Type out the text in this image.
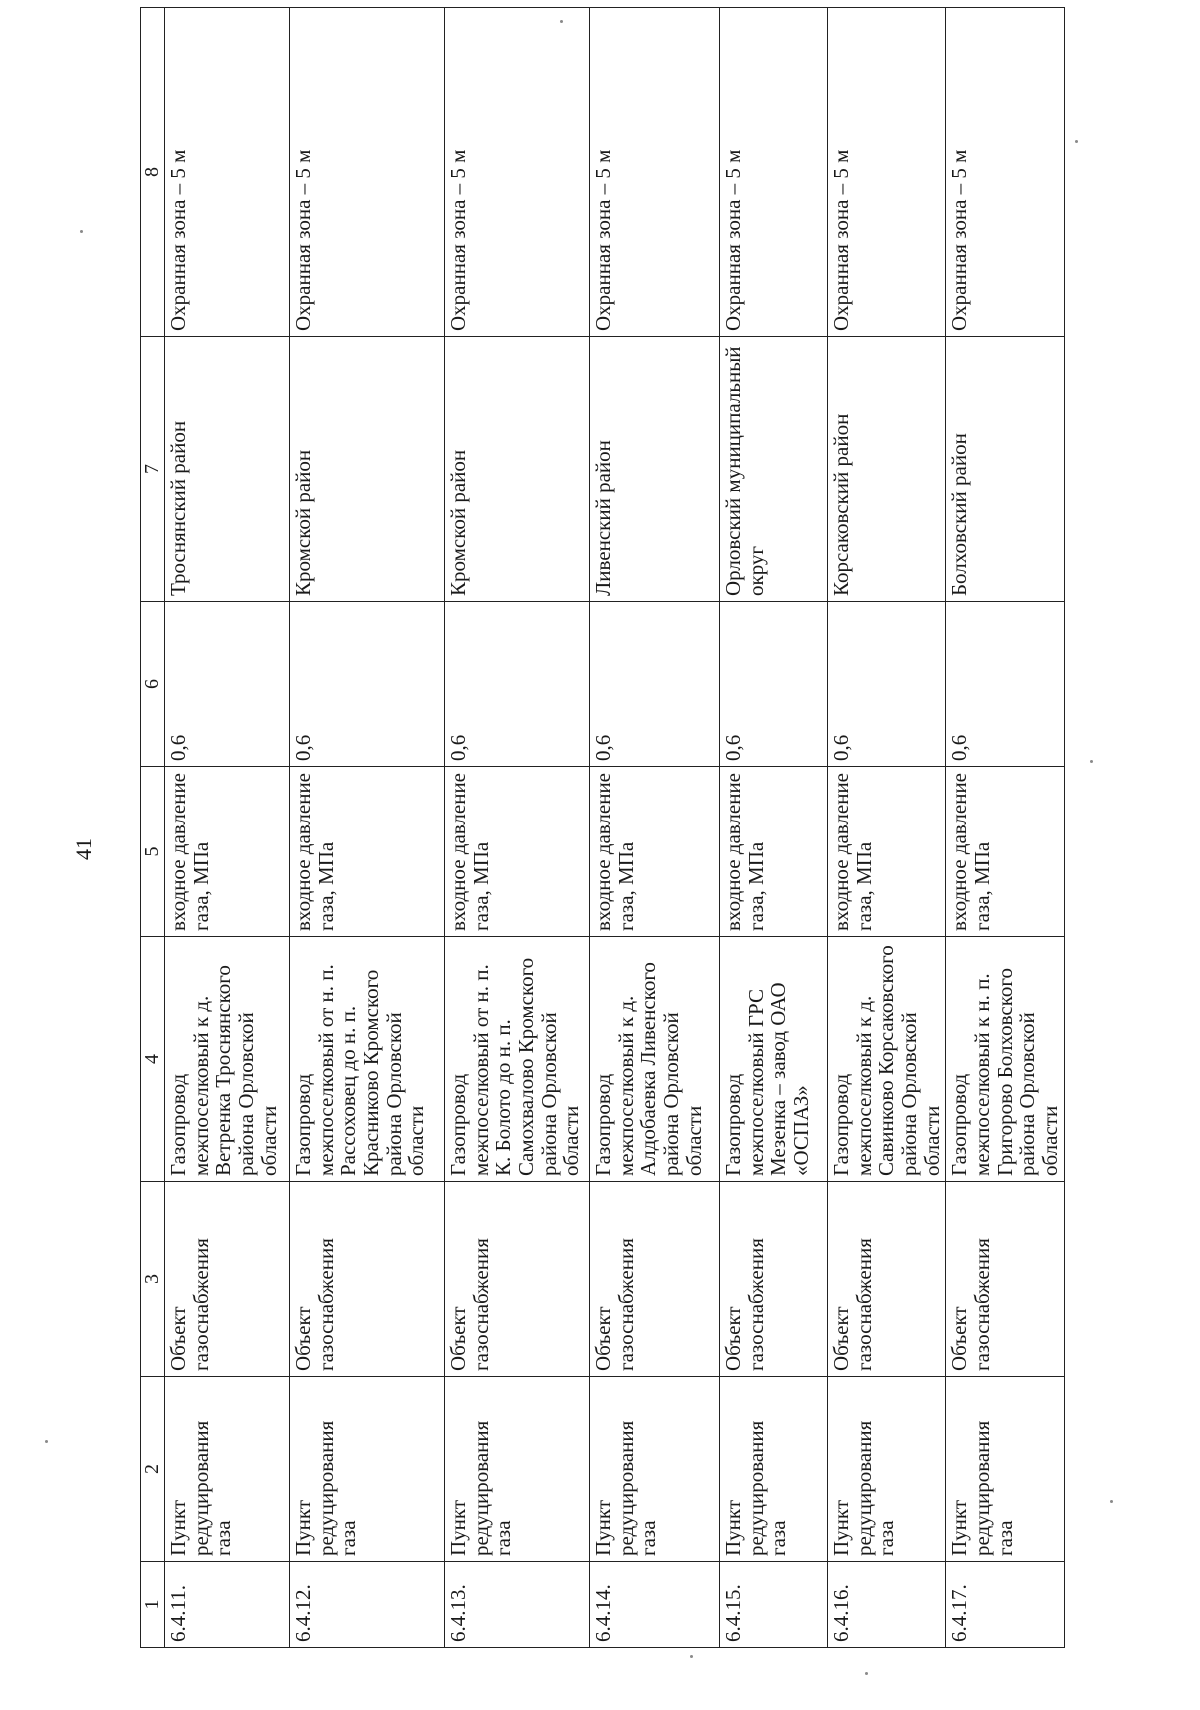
41
1	2	3	4	5	6	7	8
6.4.11.	Пункт редуцирования газа	Объект газоснабжения	Газопровод межпоселковый к д. Ветренка Троснянского района Орловской области	входное давление газа, МПа	0,6	Троснянский район	Охранная зона – 5 м
6.4.12.	Пункт редуцирования газа	Объект газоснабжения	Газопровод межпоселковый от н. п. Рассоховец до н. п. Красниково Кромского района Орловской области	входное давление газа, МПа	0,6	Кромской район	Охранная зона – 5 м
6.4.13.	Пункт редуцирования газа	Объект газоснабжения	Газопровод межпоселковый от н. п. К. Болото до н. п. Самохвалово Кромского района Орловской области	входное давление газа, МПа	0,6	Кромской район	Охранная зона – 5 м
6.4.14.	Пункт редуцирования газа	Объект газоснабжения	Газопровод межпоселковый к д. Алдобаевка Ливенского района Орловской области	входное давление газа, МПа	0,6	Ливенский район	Охранная зона – 5 м
6.4.15.	Пункт редуцирования газа	Объект газоснабжения	Газопровод межпоселковый ГРС Мезенка – завод ОАО «ОСПАЗ»	входное давление газа, МПа	0,6	Орловский муниципальный округ	Охранная зона – 5 м
6.4.16.	Пункт редуцирования газа	Объект газоснабжения	Газопровод межпоселковый к д. Савинково Корсаковского района Орловской области	входное давление газа, МПа	0,6	Корсаковский район	Охранная зона – 5 м
6.4.17.	Пункт редуцирования газа	Объект газоснабжения	Газопровод межпоселковый к н. п. Григорово Болховского района Орловской области	входное давление газа, МПа	0,6	Болховский район	Охранная зона – 5 м
